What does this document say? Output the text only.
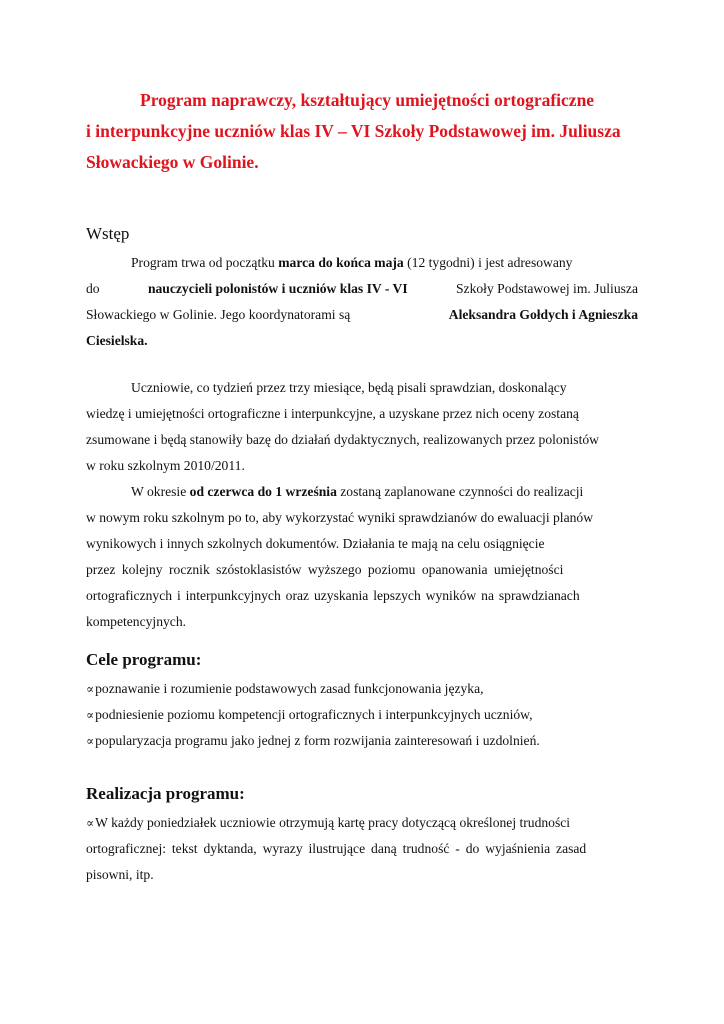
Program naprawczy, kształtujący umiejętności ortograficzne
i interpunkcyjne uczniów klas IV – VI Szkoły Podstawowej im. Juliusza
Słowackiego w Golinie.
Wstęp
Program trwa od początku marca do końca maja (12 tygodni) i jest adresowany
do	nauczycieli polonistów i uczniów klas IV - VI	Szkoły Podstawowej im. Juliusza
Słowackiego w Golinie. Jego koordynatorami są	Aleksandra Gołdych i Agnieszka
Ciesielska.
Uczniowie, co tydzień przez trzy miesiące, będą pisali sprawdzian, doskonalący
wiedzę i umiejętności ortograficzne i interpunkcyjne, a uzyskane przez nich oceny zostaną
zsumowane i będą stanowiły bazę do działań dydaktycznych, realizowanych przez polonistów
w roku szkolnym 2010/2011.
W okresie od czerwca do 1 września zostaną zaplanowane czynności do realizacji
w nowym roku szkolnym po to, aby wykorzystać wyniki sprawdzianów do ewaluacji planów
wynikowych i innych szkolnych dokumentów. Działania te mają na celu osiągnięcie
przez kolejny rocznik szóstoklasistów wyższego poziomu opanowania umiejętności
ortograficznych i interpunkcyjnych oraz uzyskania lepszych wyników na sprawdzianach
kompetencyjnych.
Cele programu:
∝poznawanie i rozumienie podstawowych zasad funkcjonowania języka,
∝podniesienie poziomu kompetencji ortograficznych i interpunkcyjnych uczniów,
∝popularyzacja programu jako jednej z form rozwijania zainteresowań i uzdolnień.
Realizacja programu:
∝W każdy poniedziałek uczniowie otrzymują kartę pracy dotyczącą określonej trudności
ortograficznej: tekst dyktanda, wyrazy ilustrujące daną trudność - do wyjaśnienia zasad
pisowni, itp.
